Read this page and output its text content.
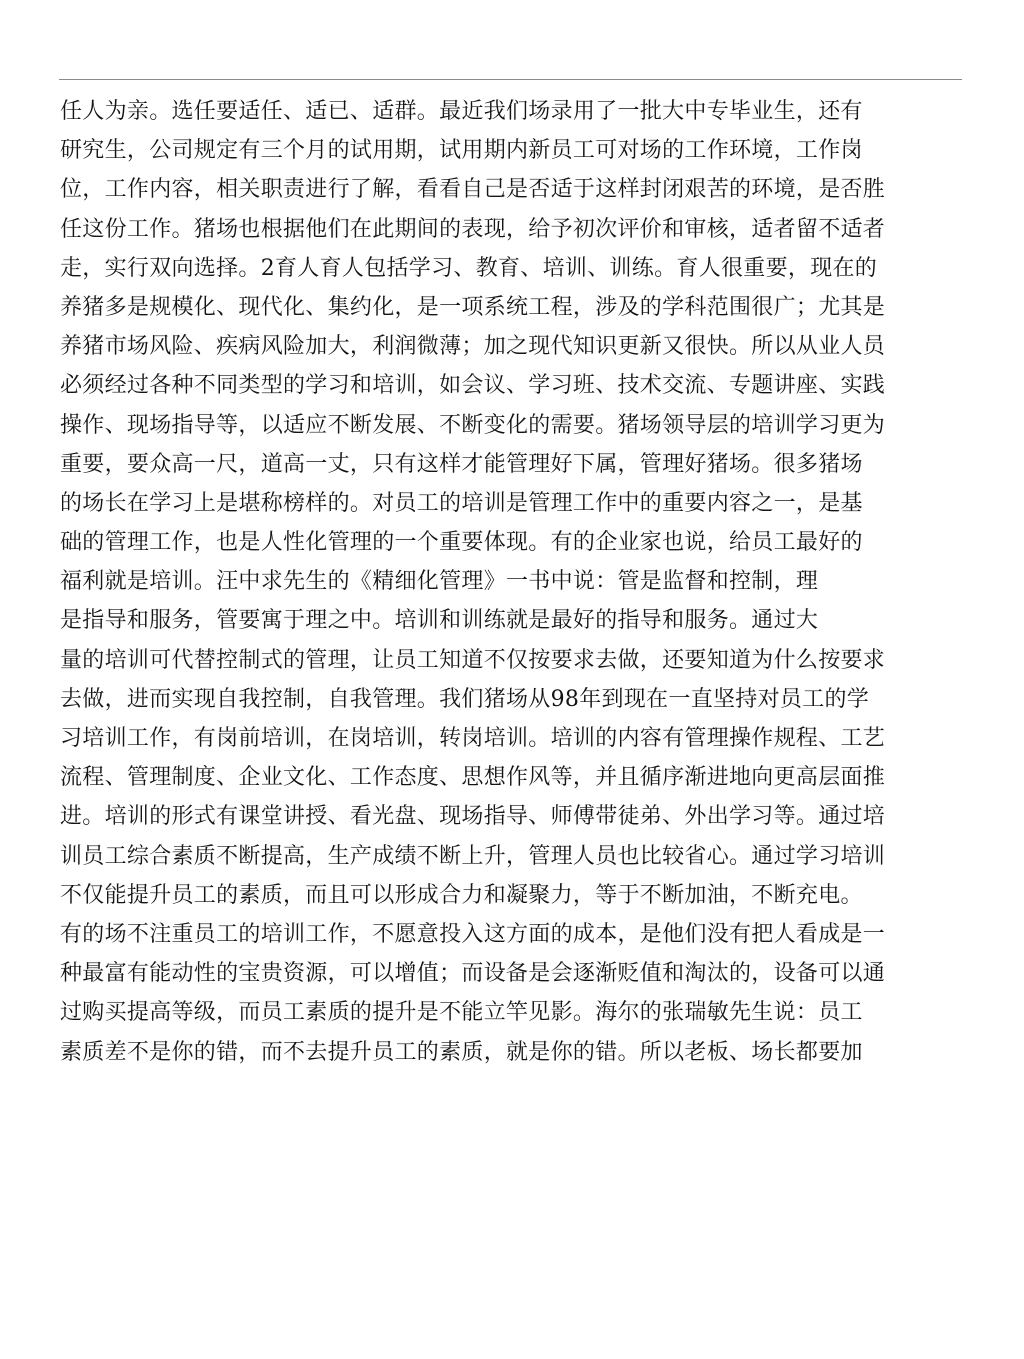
任人为亲。选任要适任、适已、适群。最近我们场录用了一批大中专毕业生，还有
研究生，公司规定有三个月的试用期，试用期内新员工可对场的工作环境，工作岗
位，工作内容，相关职责进行了解，看看自己是否适于这样封闭艰苦的环境，是否胜
任这份工作。猪场也根据他们在此期间的表现，给予初次评价和审核，适者留不适者
走，实行双向选择。2育人育人包括学习、教育、培训、训练。育人很重要，现在的
养猪多是规模化、现代化、集约化，是一项系统工程，涉及的学科范围很广；尤其是
养猪市场风险、疾病风险加大，利润微薄；加之现代知识更新又很快。所以从业人员
必须经过各种不同类型的学习和培训，如会议、学习班、技术交流、专题讲座、实践
操作、现场指导等，以适应不断发展、不断变化的需要。猪场领导层的培训学习更为
重要，要众高一尺，道高一丈，只有这样才能管理好下属，管理好猪场。很多猪场
的场长在学习上是堪称榜样的。对员工的培训是管理工作中的重要内容之一，是基
础的管理工作，也是人性化管理的一个重要体现。有的企业家也说，给员工最好的
福利就是培训。汪中求先生的《精细化管理》一书中说：管是监督和控制，理
是指导和服务，管要寓于理之中。培训和训练就是最好的指导和服务。通过大
量的培训可代替控制式的管理，让员工知道不仅按要求去做，还要知道为什么按要求
去做，进而实现自我控制，自我管理。我们猪场从98年到现在一直坚持对员工的学
习培训工作，有岗前培训，在岗培训，转岗培训。培训的内容有管理操作规程、工艺
流程、管理制度、企业文化、工作态度、思想作风等，并且循序渐进地向更高层面推
进。培训的形式有课堂讲授、看光盘、现场指导、师傅带徒弟、外出学习等。通过培
训员工综合素质不断提高，生产成绩不断上升，管理人员也比较省心。通过学习培训
不仅能提升员工的素质，而且可以形成合力和凝聚力，等于不断加油，不断充电。
有的场不注重员工的培训工作，不愿意投入这方面的成本，是他们没有把人看成是一
种最富有能动性的宝贵资源，可以增值；而设备是会逐渐贬值和淘汰的，设备可以通
过购买提高等级，而员工素质的提升是不能立竿见影。海尔的张瑞敏先生说：员工
素质差不是你的错，而不去提升员工的素质，就是你的错。所以老板、场长都要加
